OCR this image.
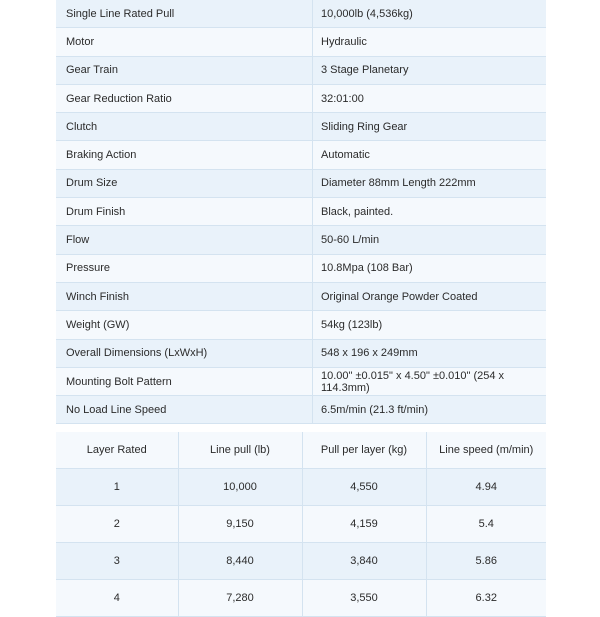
Single Line Rated Pull	10,000lb (4,536kg)
Motor	Hydraulic
Gear Train	3 Stage Planetary
Gear Reduction Ratio	32:01:00
Clutch	Sliding Ring Gear
Braking Action	Automatic
Drum Size	Diameter 88mm Length 222mm
Drum Finish	Black, painted.
Flow	50-60 L/min
Pressure	10.8Mpa (108 Bar)
Winch Finish	Original Orange Powder Coated
Weight (GW)	54kg (123lb)
Overall Dimensions (LxWxH)	548 x 196 x 249mm
Mounting Bolt Pattern	10.00" ±0.015" x 4.50" ±0.010" (254 x 114.3mm)
No Load Line Speed	6.5m/min (21.3 ft/min)
Layer Rated	Line pull (lb)	Pull per layer (kg)	Line speed (m/min)
1	10,000	4,550	4.94
2	9,150	4,159	5.4
3	8,440	3,840	5.86
4	7,280	3,550	6.32
